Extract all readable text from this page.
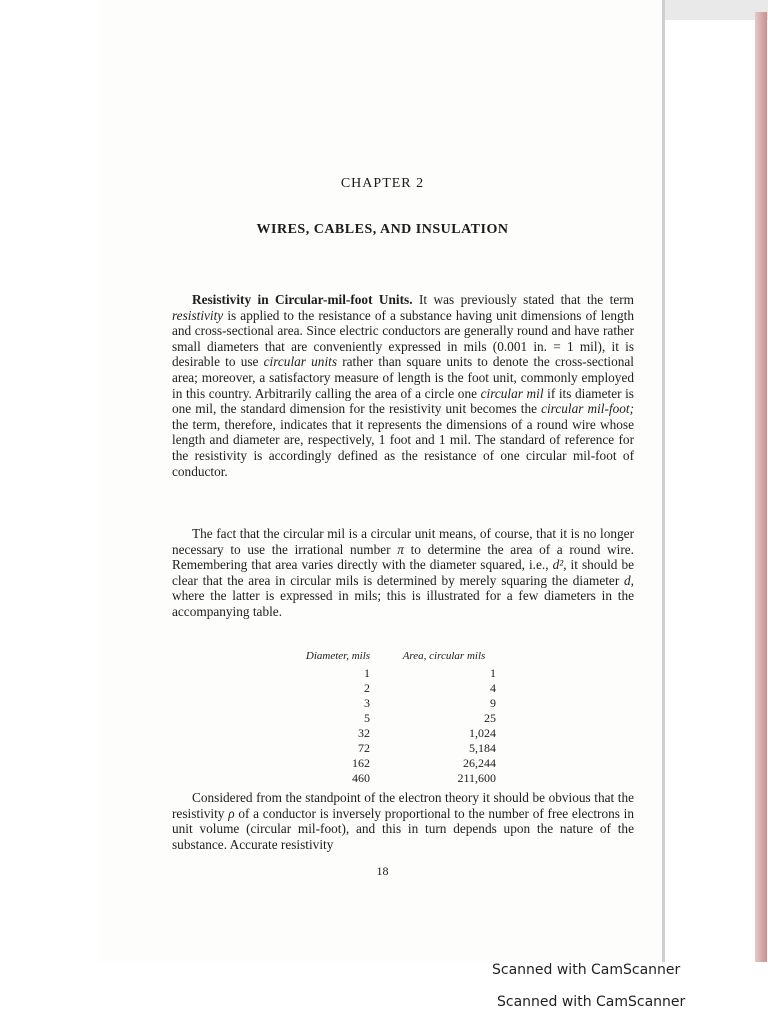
CHAPTER 2
WIRES, CABLES, AND INSULATION
Resistivity in Circular-mil-foot Units. It was previously stated that the term resistivity is applied to the resistance of a substance having unit dimensions of length and cross-sectional area. Since electric conductors are generally round and have rather small diameters that are conveniently expressed in mils (0.001 in. = 1 mil), it is desirable to use circular units rather than square units to denote the cross-sectional area; moreover, a satisfactory measure of length is the foot unit, commonly employed in this country. Arbitrarily calling the area of a circle one circular mil if its diameter is one mil, the standard dimension for the resistivity unit becomes the circular mil-foot; the term, therefore, indicates that it represents the dimensions of a round wire whose length and diameter are, respectively, 1 foot and 1 mil. The standard of reference for the resistivity is accordingly defined as the resistance of one circular mil-foot of conductor.
The fact that the circular mil is a circular unit means, of course, that it is no longer necessary to use the irrational number π to determine the area of a round wire. Remembering that area varies directly with the diameter squared, i.e., d², it should be clear that the area in circular mils is determined by merely squaring the diameter d, where the latter is expressed in mils; this is illustrated for a few diameters in the accompanying table.
Diameter, mils	Area, circular mils
1	1
2	4
3	9
5	25
32	1,024
72	5,184
162	26,244
460	211,600
Considered from the standpoint of the electron theory it should be obvious that the resistivity ρ of a conductor is inversely proportional to the number of free electrons in unit volume (circular mil-foot), and this in turn depends upon the nature of the substance. Accurate resistivity
18
Scanned with CamScanner
Scanned with CamScanner
